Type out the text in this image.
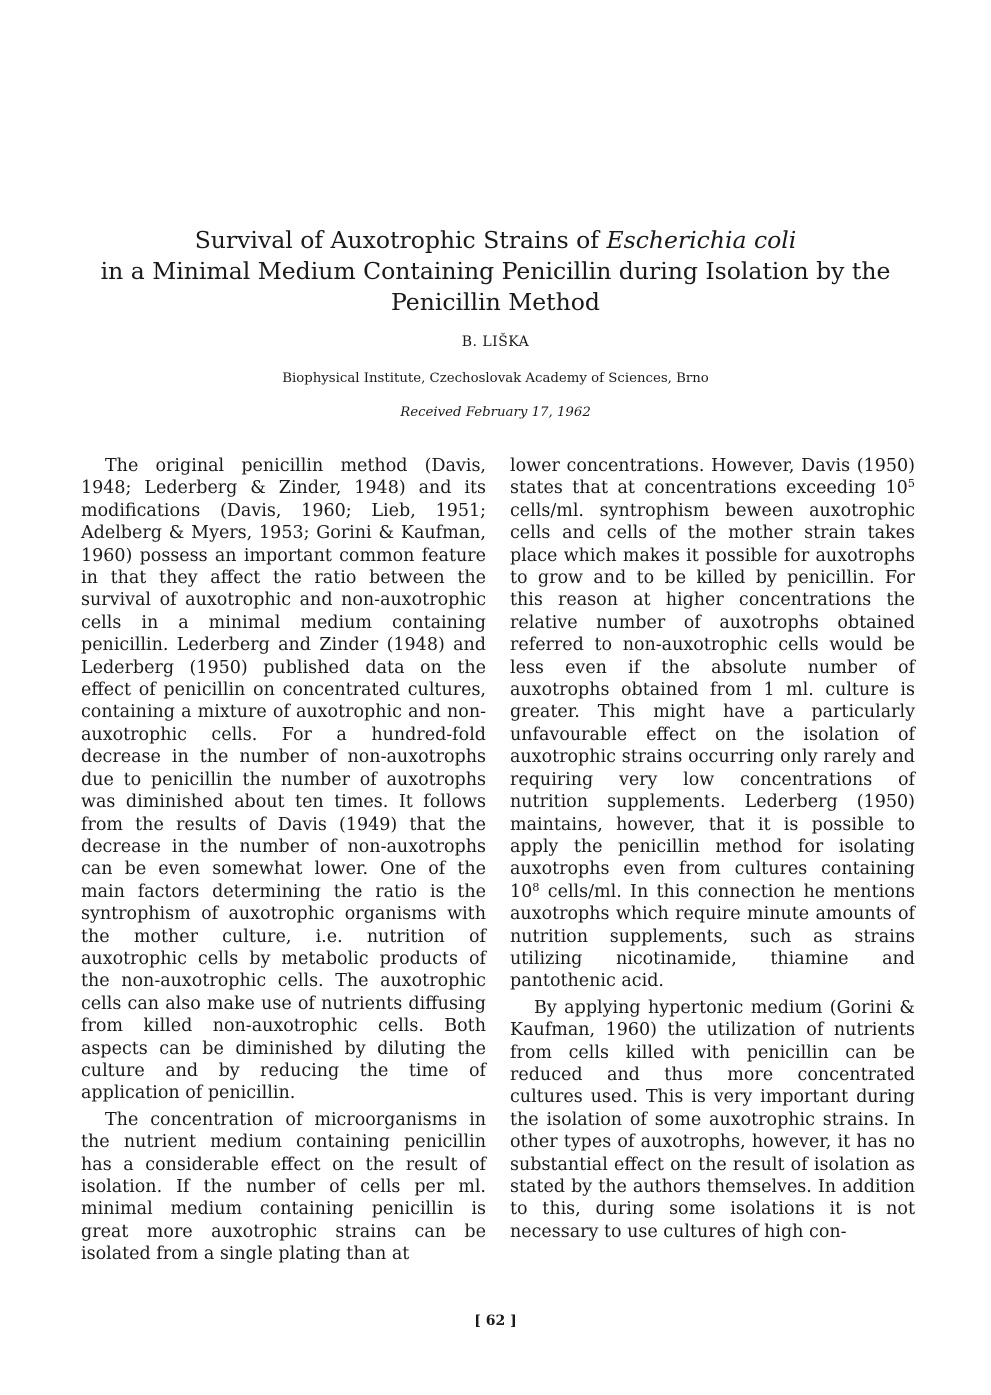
Survival of Auxotrophic Strains of Escherichia coli
in a Minimal Medium Containing Penicillin during Isolation by the
Penicillin Method
B. LIŠKA
Biophysical Institute, Czechoslovak Academy of Sciences, Brno
Received February 17, 1962

The original penicillin method (Davis, 1948; Lederberg & Zinder, 1948) and its modifications (Davis, 1960; Lieb, 1951; Adelberg & Myers, 1953; Gorini & Kaufman, 1960) possess an important common feature in that they affect the ratio between the survival of auxotrophic and non-auxotrophic cells in a minimal medium containing penicillin. Lederberg and Zinder (1948) and Lederberg (1950) published data on the effect of penicillin on concentrated cultures, containing a mixture of auxotrophic and non-auxotrophic cells. For a hundred-fold decrease in the number of non-auxotrophs due to penicillin the number of auxotrophs was diminished about ten times. It follows from the results of Davis (1949) that the decrease in the number of non-auxotrophs can be even somewhat lower. One of the main factors determining the ratio is the syntrophism of auxotrophic organisms with the mother culture, i.e. nutrition of auxotrophic cells by metabolic products of the non-auxotrophic cells. The auxotrophic cells can also make use of nutrients diffusing from killed non-auxotrophic cells. Both aspects can be diminished by diluting the culture and by reducing the time of application of penicillin.

The concentration of microorganisms in the nutrient medium containing penicillin has a considerable effect on the result of isolation. If the number of cells per ml. minimal medium containing penicillin is great more auxotrophic strains can be isolated from a single plating than at

lower concentrations. However, Davis (1950) states that at concentrations exceeding $10^5$ cells/ml. syntrophism beween auxotrophic cells and cells of the mother strain takes place which makes it possible for auxotrophs to grow and to be killed by penicillin. For this reason at higher concentrations the relative number of auxotrophs obtained referred to non-auxotrophic cells would be less even if the absolute number of auxotrophs obtained from 1 ml. culture is greater. This might have a particularly unfavourable effect on the isolation of auxotrophic strains occurring only rarely and requiring very low concentrations of nutrition supplements. Lederberg (1950) maintains, however, that it is possible to apply the penicillin method for isolating auxotrophs even from cultures containing $10^8$ cells/ml. In this connection he mentions auxotrophs which require minute amounts of nutrition supplements, such as strains utilizing nicotinamide, thiamine and pantothenic acid.

By applying hypertonic medium (Gorini & Kaufman, 1960) the utilization of nutrients from cells killed with penicillin can be reduced and thus more concentrated cultures used. This is very important during the isolation of some auxotrophic strains. In other types of auxotrophs, however, it has no substantial effect on the result of isolation as stated by the authors themselves. In addition to this, during some isolations it is not necessary to use cultures of high con-

[ 62 ]
